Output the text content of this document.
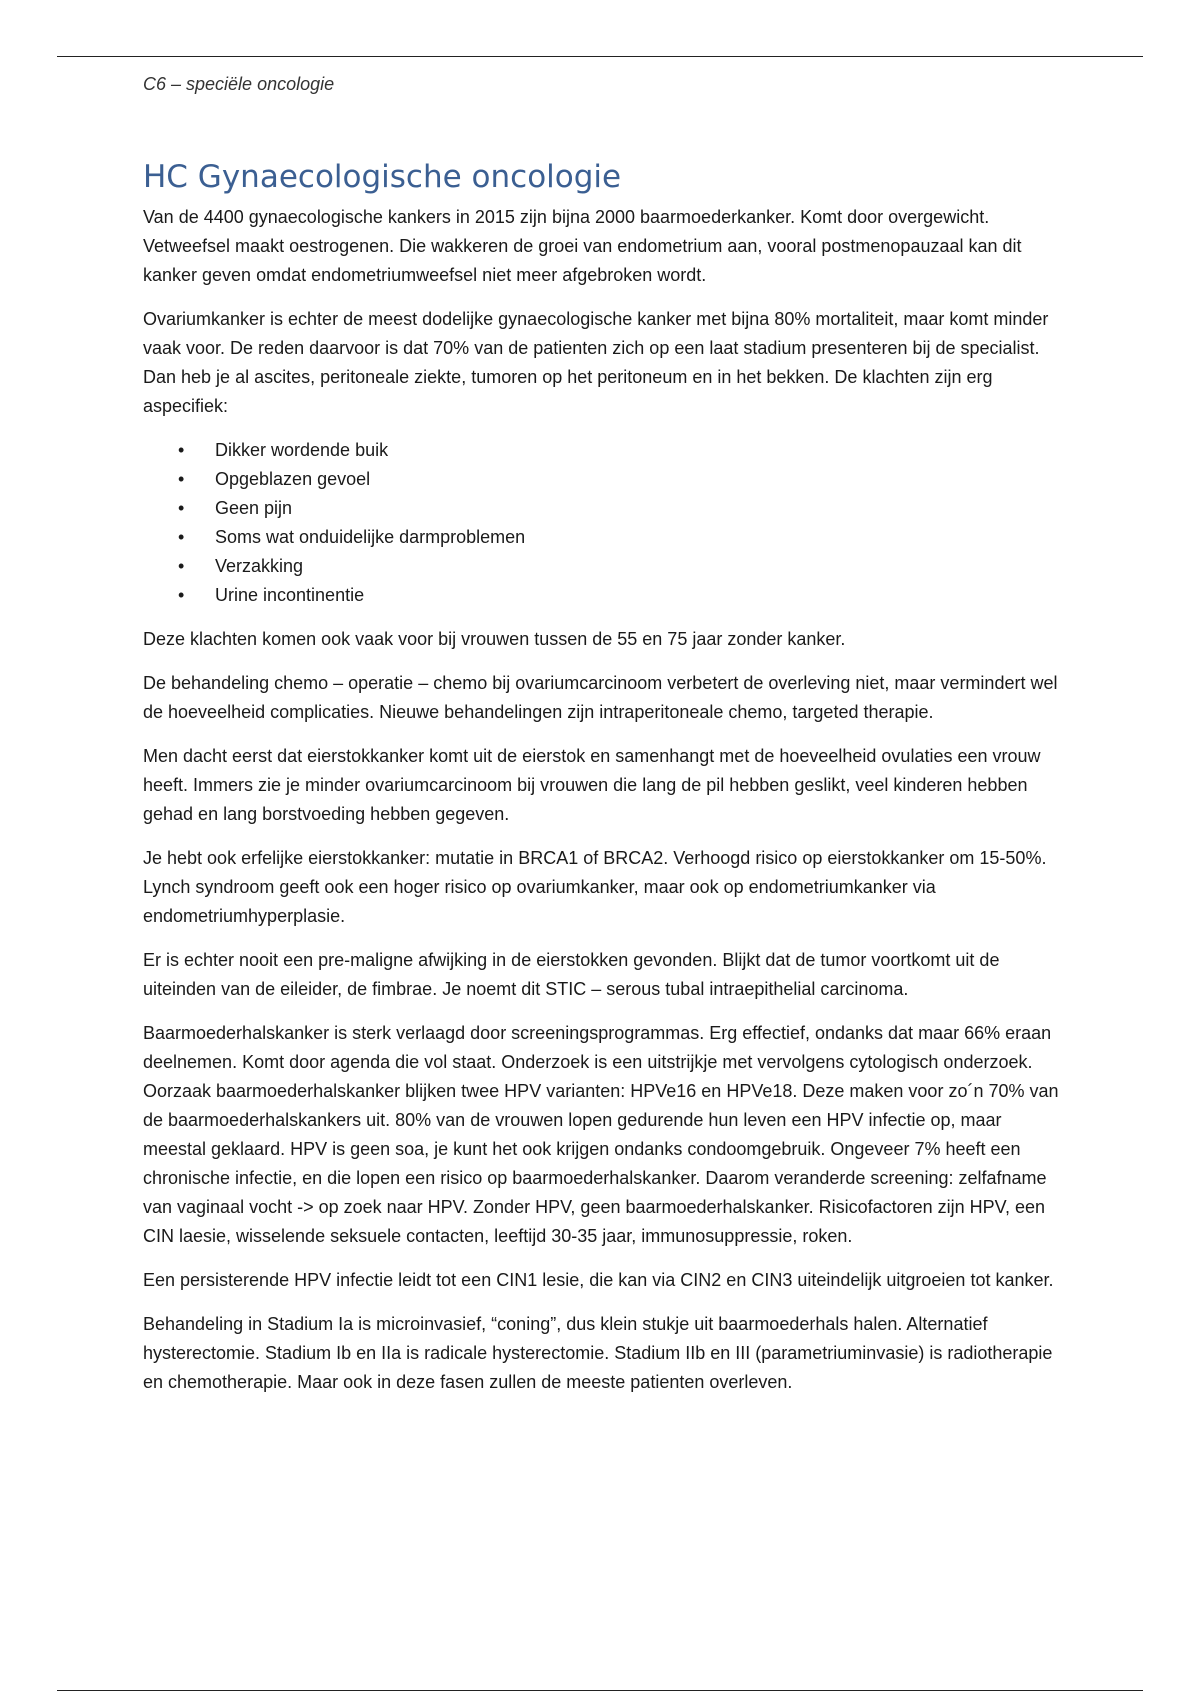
C6 – speciële oncologie
HC Gynaecologische oncologie

Van de 4400 gynaecologische kankers in 2015 zijn bijna 2000 baarmoederkanker. Komt door overgewicht. Vetweefsel maakt oestrogenen. Die wakkeren de groei van endometrium aan, vooral postmenopauzaal kan dit kanker geven omdat endometriumweefsel niet meer afgebroken wordt.

Ovariumkanker is echter de meest dodelijke gynaecologische kanker met bijna 80% mortaliteit, maar komt minder vaak voor. De reden daarvoor is dat 70% van de patienten zich op een laat stadium presenteren bij de specialist. Dan heb je al ascites, peritoneale ziekte, tumoren op het peritoneum en in het bekken. De klachten zijn erg aspecifiek:

• Dikker wordende buik
• Opgeblazen gevoel
• Geen pijn
• Soms wat onduidelijke darmproblemen
• Verzakking
• Urine incontinentie

Deze klachten komen ook vaak voor bij vrouwen tussen de 55 en 75 jaar zonder kanker.

De behandeling chemo – operatie – chemo bij ovariumcarcinoom verbetert de overleving niet, maar vermindert wel de hoeveelheid complicaties. Nieuwe behandelingen zijn intraperitoneale chemo, targeted therapie.

Men dacht eerst dat eierstokkanker komt uit de eierstok en samenhangt met de hoeveelheid ovulaties een vrouw heeft. Immers zie je minder ovariumcarcinoom bij vrouwen die lang de pil hebben geslikt, veel kinderen hebben gehad en lang borstvoeding hebben gegeven.

Je hebt ook erfelijke eierstokkanker: mutatie in BRCA1 of BRCA2. Verhoogd risico op eierstokkanker om 15-50%. Lynch syndroom geeft ook een hoger risico op ovariumkanker, maar ook op endometriumkanker via endometriumhyperplasie.

Er is echter nooit een pre-maligne afwijking in de eierstokken gevonden. Blijkt dat de tumor voortkomt uit de uiteinden van de eileider, de fimbrae. Je noemt dit STIC – serous tubal intraepithelial carcinoma.

Baarmoederhalskanker is sterk verlaagd door screeningsprogrammas. Erg effectief, ondanks dat maar 66% eraan deelnemen. Komt door agenda die vol staat. Onderzoek is een uitstrijkje met vervolgens cytologisch onderzoek. Oorzaak baarmoederhalskanker blijken twee HPV varianten: HPVe16 en HPVe18. Deze maken voor zo´n 70% van de baarmoederhalskankers uit. 80% van de vrouwen lopen gedurende hun leven een HPV infectie op, maar meestal geklaard. HPV is geen soa, je kunt het ook krijgen ondanks condoomgebruik. Ongeveer 7% heeft een chronische infectie, en die lopen een risico op baarmoederhalskanker. Daarom veranderde screening: zelfafname van vaginaal vocht -> op zoek naar HPV. Zonder HPV, geen baarmoederhalskanker. Risicofactoren zijn HPV, een CIN laesie, wisselende seksuele contacten, leeftijd 30-35 jaar, immunosuppressie, roken.

Een persisterende HPV infectie leidt tot een CIN1 lesie, die kan via CIN2 en CIN3 uiteindelijk uitgroeien tot kanker.

Behandeling in Stadium Ia is microinvasief, “coning”, dus klein stukje uit baarmoederhals halen. Alternatief hysterectomie. Stadium Ib en IIa is radicale hysterectomie. Stadium IIb en III (parametriuminvasie) is radiotherapie en chemotherapie. Maar ook in deze fasen zullen de meeste patienten overleven.
